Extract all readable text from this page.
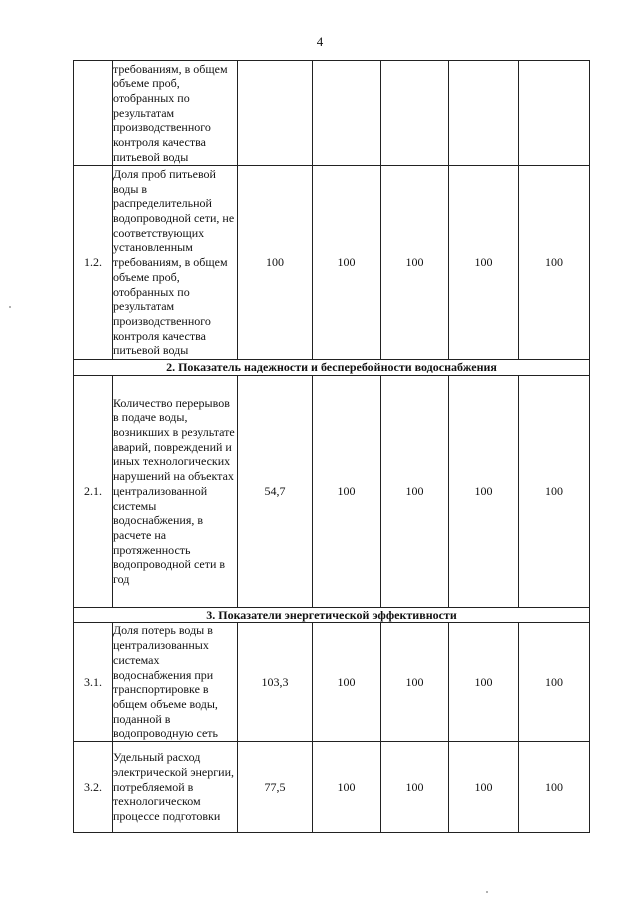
4
	требованиям, в общем объеме проб, отобранных по результатам производственного контроля качества питьевой воды					
1.2.	Доля проб питьевой воды в распределительной водопроводной сети, не соответствующих установленным требованиям, в общем объеме проб, отобранных по результатам производственного контроля качества питьевой воды	100	100	100	100	100
2. Показатель надежности и бесперебойности водоснабжения						
2.1.	Количество перерывов в подаче воды, возникших в результате аварий, повреждений и иных технологических нарушений на объектах централизованной системы водоснабжения, в расчете на протяженность водопроводной сети в год	54,7	100	100	100	100
3. Показатели энергетической эффективности						
3.1.	Доля потерь воды в централизованных системах водоснабжения при транспортировке в общем объеме воды, поданной в водопроводную сеть	103,3	100	100	100	100
3.2.	Удельный расход электрической энергии, потребляемой в технологическом процессе подготовки	77,5	100	100	100	100
